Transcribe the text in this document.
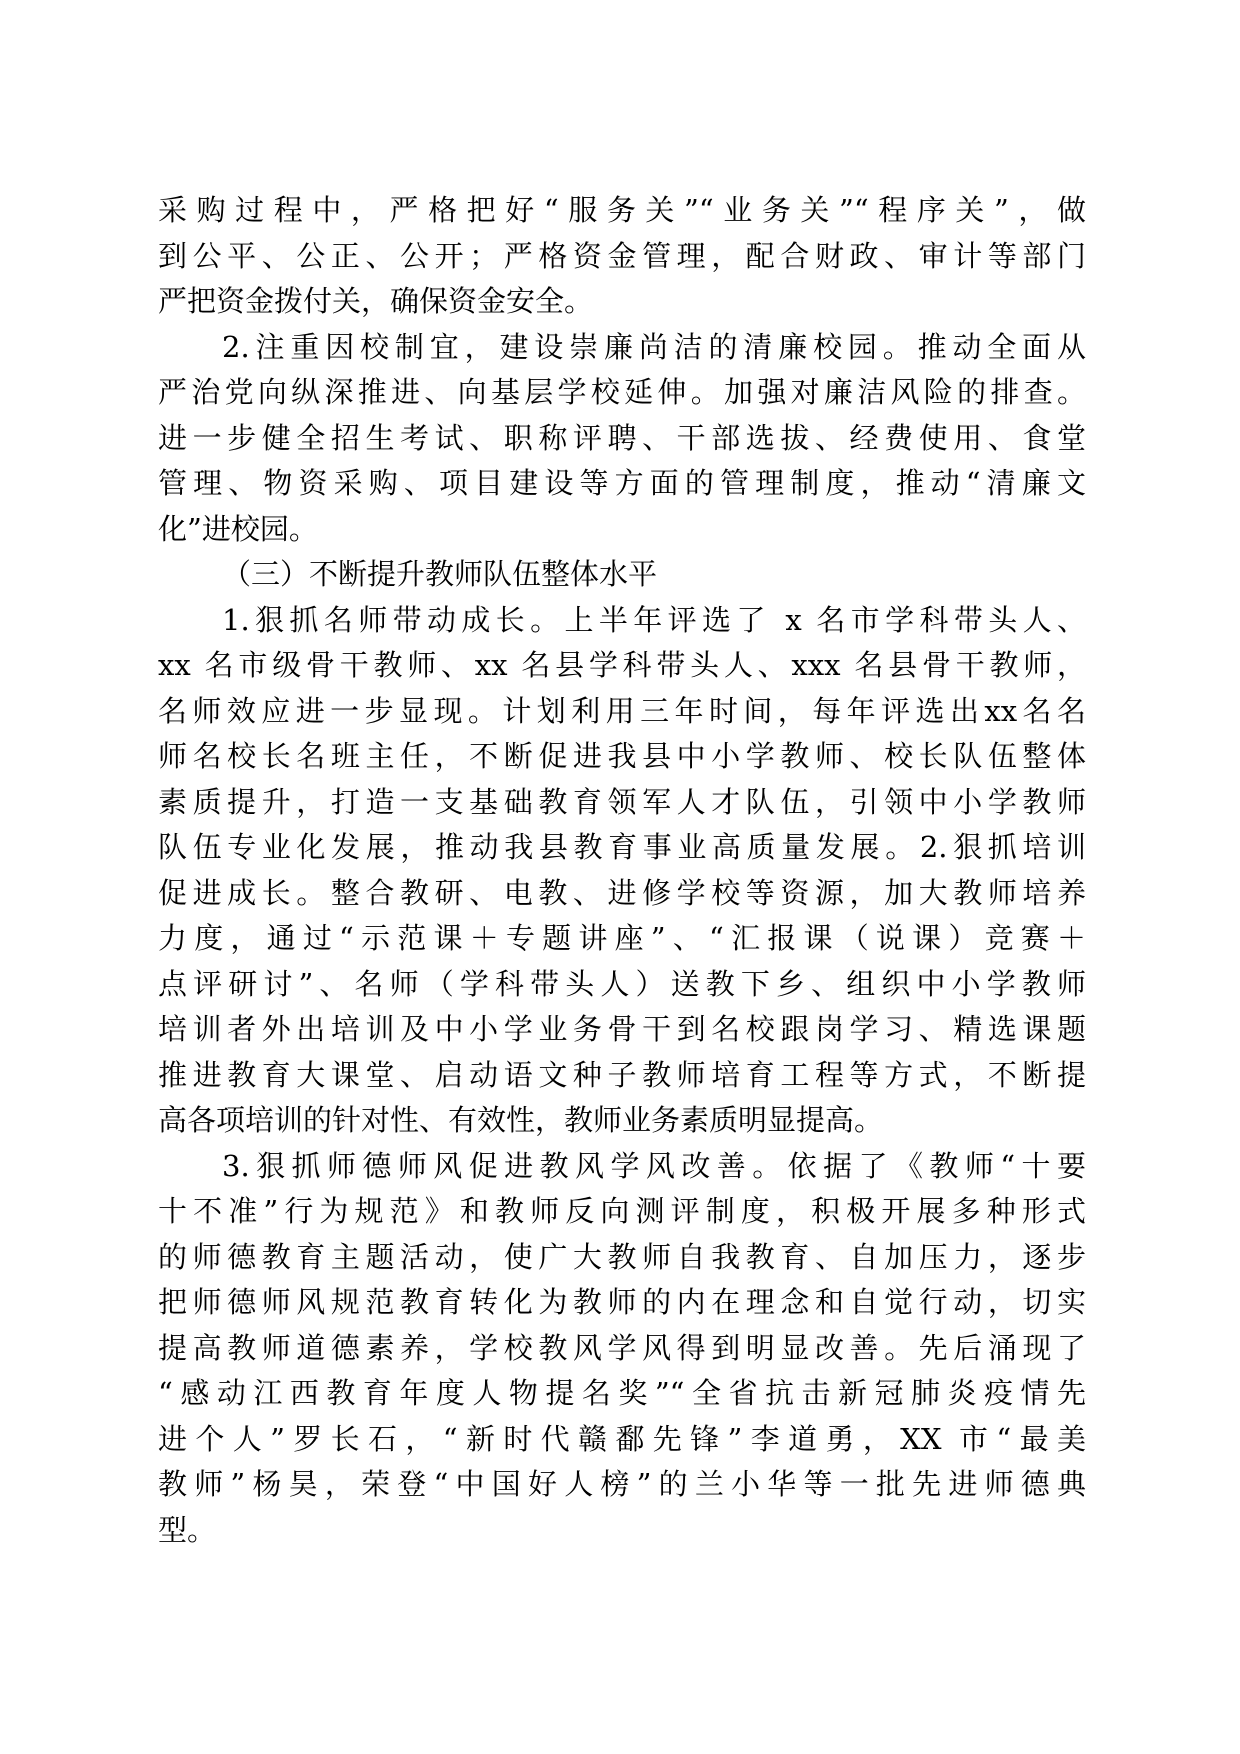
采购过程中，严格把好“服务关”“业务关”“程序关”，做
到公平、公正、公开；严格资金管理，配合财政、审计等部门
严把资金拨付关，确保资金安全。
2.注重因校制宜，建设崇廉尚洁的清廉校园。推动全面从
严治党向纵深推进、向基层学校延伸。加强对廉洁风险的排查。
进一步健全招生考试、职称评聘、干部选拔、经费使用、食堂
管理、物资采购、项目建设等方面的管理制度，推动“清廉文
化”进校园。
（三）不断提升教师队伍整体水平
1.狠抓名师带动成长。上半年评选了 x 名市学科带头人、
xx 名市级骨干教师、xx 名县学科带头人、xxx 名县骨干教师，
名师效应进一步显现。计划利用三年时间，每年评选出xx名名
师名校长名班主任，不断促进我县中小学教师、校长队伍整体
素质提升，打造一支基础教育领军人才队伍，引领中小学教师
队伍专业化发展，推动我县教育事业高质量发展。2.狠抓培训
促进成长。整合教研、电教、进修学校等资源，加大教师培养
力度，通过“示范课＋专题讲座”、“汇报课（说课）竞赛＋
点评研讨”、名师（学科带头人）送教下乡、组织中小学教师
培训者外出培训及中小学业务骨干到名校跟岗学习、精选课题
推进教育大课堂、启动语文种子教师培育工程等方式，不断提
高各项培训的针对性、有效性，教师业务素质明显提高。
3.狠抓师德师风促进教风学风改善。依据了《教师“十要
十不准”行为规范》和教师反向测评制度，积极开展多种形式
的师德教育主题活动，使广大教师自我教育、自加压力，逐步
把师德师风规范教育转化为教师的内在理念和自觉行动，切实
提高教师道德素养，学校教风学风得到明显改善。先后涌现了
“感动江西教育年度人物提名奖”“全省抗击新冠肺炎疫情先
进个人”罗长石，“新时代赣鄱先锋”李道勇，XX 市“最美
教师”杨昊，荣登“中国好人榜”的兰小华等一批先进师德典
型。
